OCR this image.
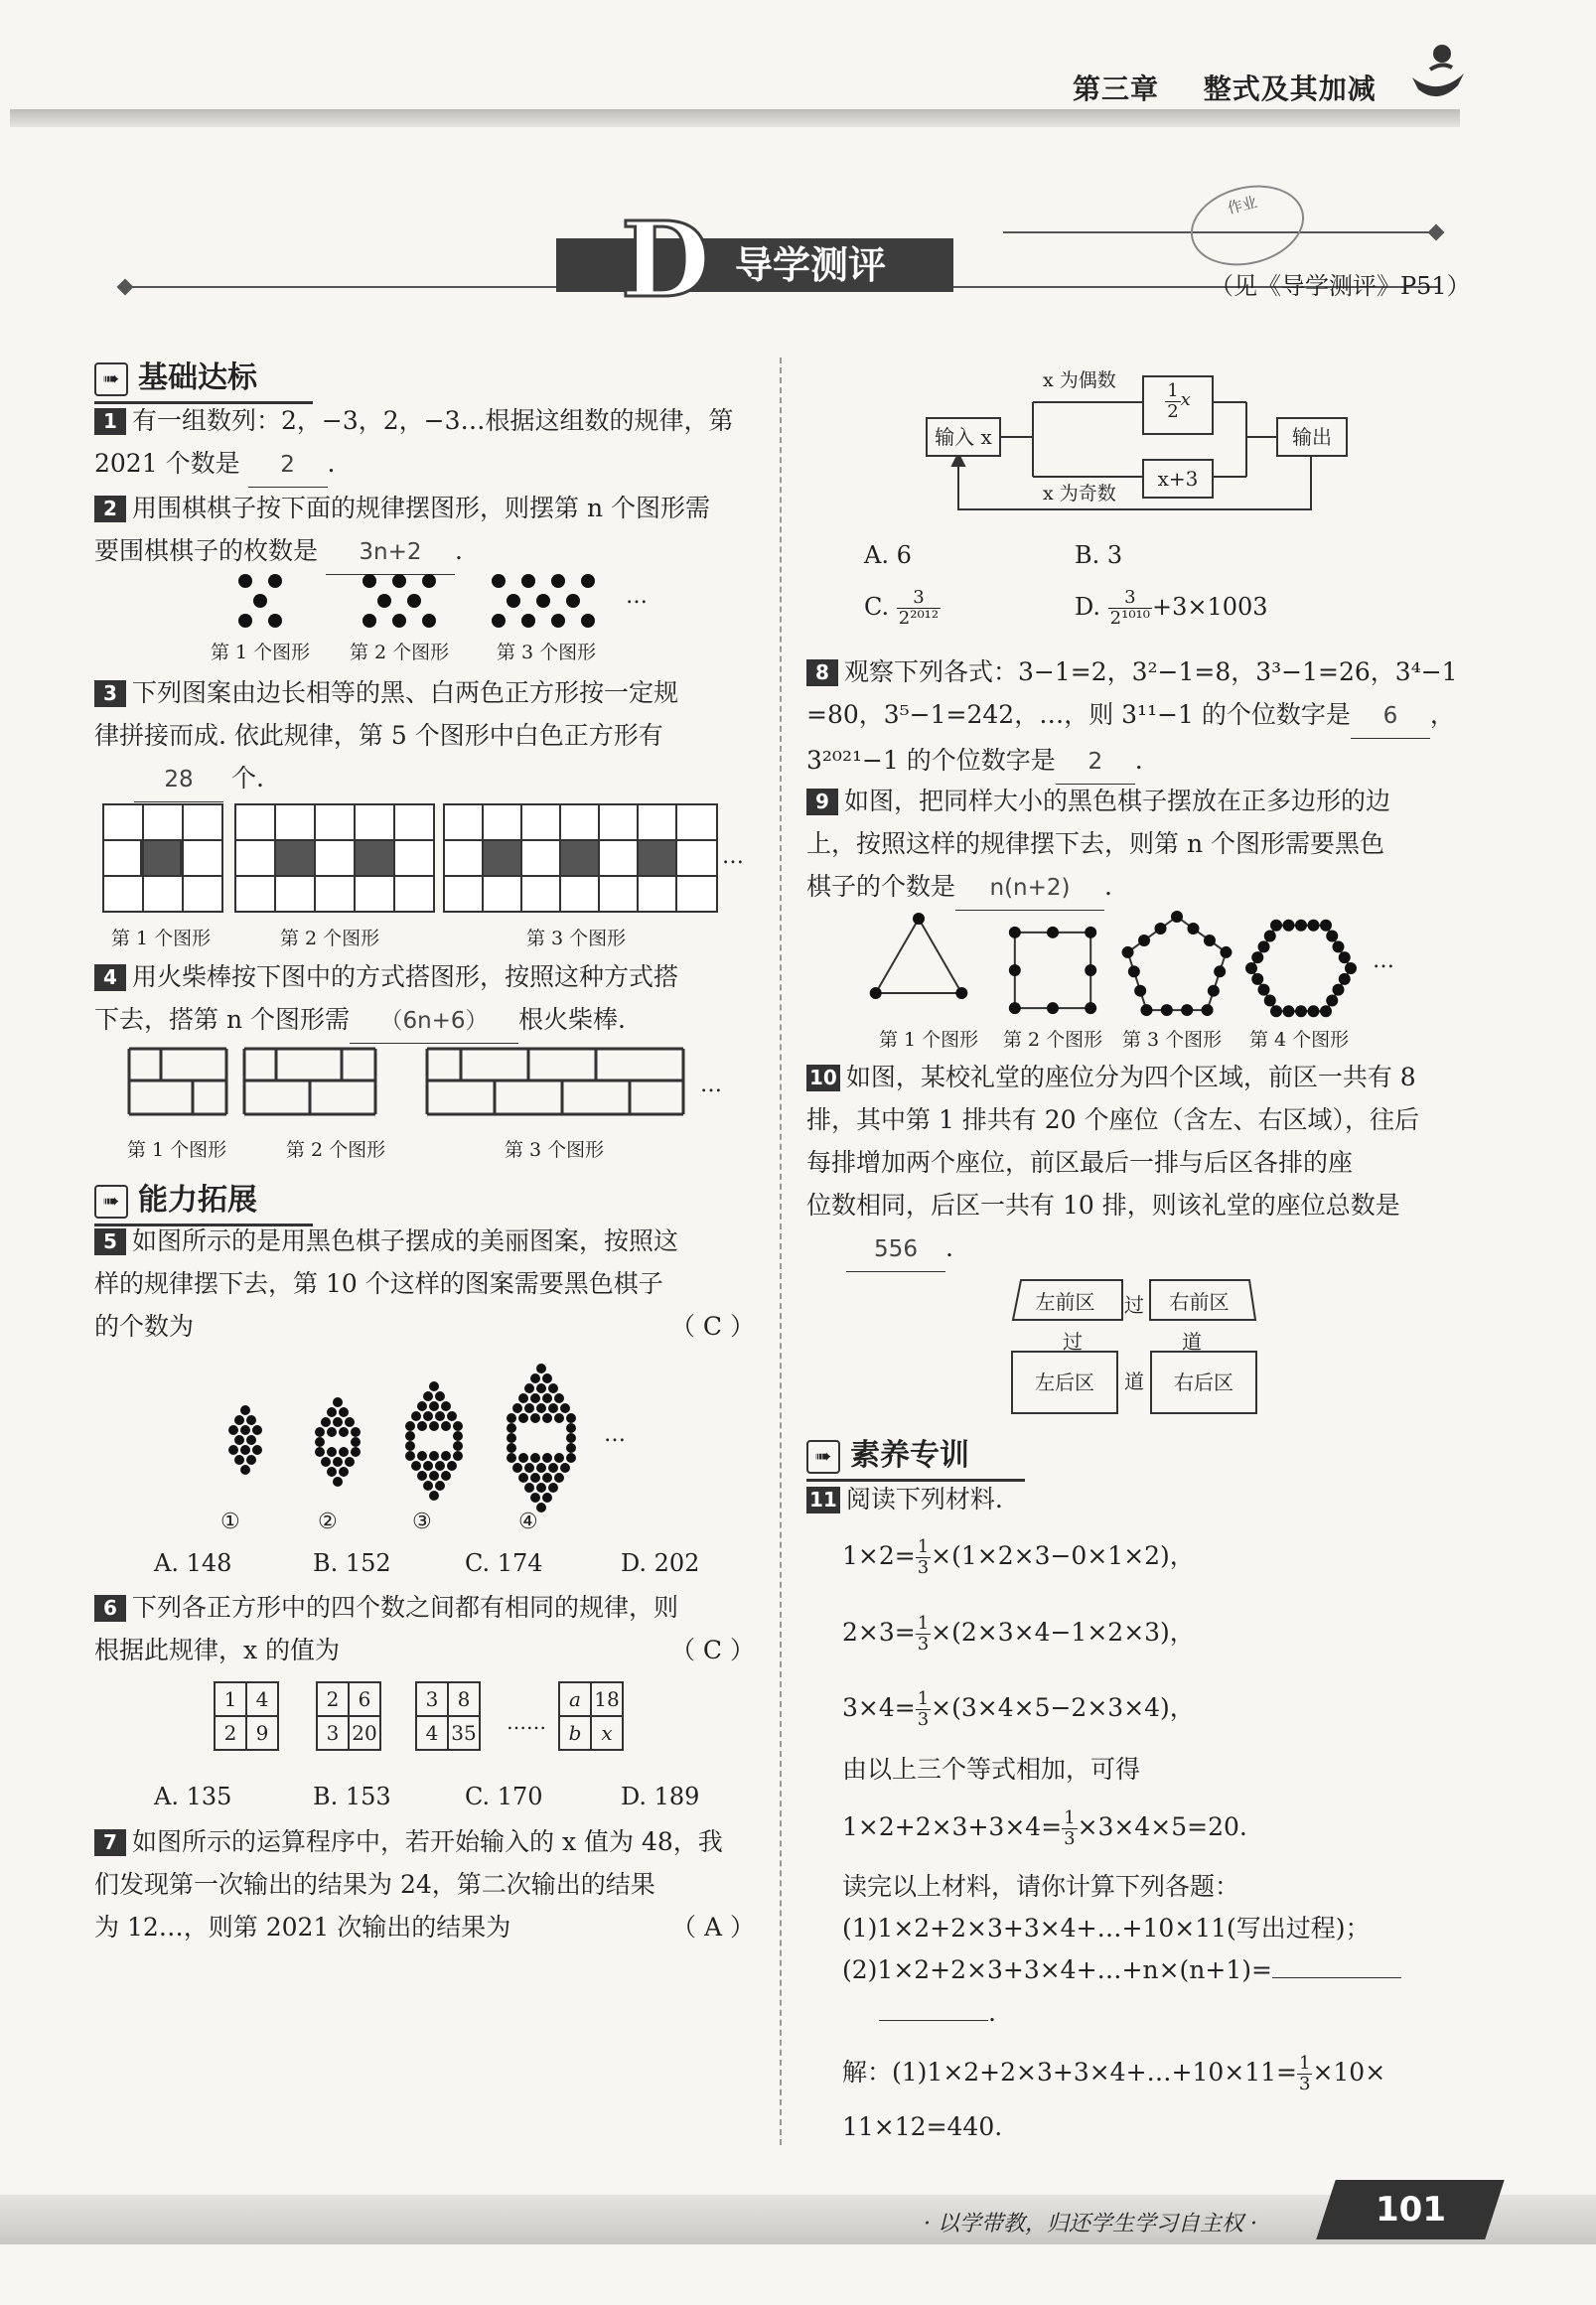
第三章 整式及其加减
导学测评
D	作业
（见《导学测评》P51）
➠ 基础达标
1 有一组数列：2，−3，2，−3…根据这组数的规律，第
2021 个数是 2 .
2 用围棋棋子按下面的规律摆图形，则摆第 n 个图形需
要围棋棋子的枚数是 3n+2 .
…
第 1 个图形 第 2 个图形	第 3 个图形
3 下列图案由边长相等的黑、白两色正方形按一定规
律拼接而成. 依此规律，第 5 个图形中白色正方形有
28 个.
…
第 1 个图形	第 2 个图形	第 3 个图形
4 用火柴棒按下图中的方式搭图形，按照这种方式搭
下去，搭第 n 个图形需 （6n+6） 根火柴棒.
…
第 1 个图形	第 2 个图形	第 3 个图形
➠ 能力拓展
5 如图所示的是用黑色棋子摆成的美丽图案，按照这
样的规律摆下去，第 10 个这样的图案需要黑色棋子
的个数为	（ C ）
…
①	②	③	④
A. 148	B. 152	C. 174	D. 202
6 下列各正方形中的四个数之间都有相同的规律，则
根据此规律，x 的值为	（ C ）
1	4
2	9
2	6
3	20
3	8
4	35 ……
a	18
b	x
A. 135	B. 153	C. 170	D. 189
7 如图所示的运算程序中，若开始输入的 x 值为 48，我
们发现第一次输出的结果为 24，第二次输出的结果
为 12…，则第 2021 次输出的结果为	（ A ）
输入 x
x 为偶数
$\frac{1}{2}$ x
x 为奇数
x+3
输出
A. 6	B. 3
C. $\frac{3}{\text{2²⁰¹²}}$	D. $\frac{3}{\text{2¹⁰¹⁰}} +3\times 1003$
8 观察下列各式：3−1=2，3²−1=8，3³−1=26，3⁴−1
=80，3⁵−1=242，…，则 3¹¹−1 的个位数字是 6 ，
3²⁰²¹−1 的个位数字是 2 .
9 如图，把同样大小的黑色棋子摆放在正多边形的边
上，按照这样的规律摆下去，则第 n 个图形需要黑色
棋子的个数是 n(n+2) .
…
第 1 个图形 第 2 个图形 第 3 个图形 第 4 个图形
10 如图，某校礼堂的座位分为四个区域，前区一共有 8
排，其中第 1 排共有 20 个座位（含左、右区域），往后
每排增加两个座位，前区最后一排与后区各排的座
位数相同，后区一共有 10 排，则该礼堂的座位总数是
556 .
左前区	右前区
过
过	道
左后区	道	右后区
➠ 素养专训
11 阅读下列材料.
$1\times 2= \frac{1}{3} \times(1\times 2\times 3-0\times 1\times 2)$，
$2\times 3= \frac{1}{3} \times(2\times 3\times 4-1\times 2\times 3)$，
$3\times 4= \frac{1}{3} \times(3\times 4\times 5-2\times 3\times 4)$，
由以上三个等式相加，可得
$1\times 2+2\times 3+3\times 4= \frac{1}{3} \times 3\times 4\times 5=20$.
读完以上材料，请你计算下列各题：
(1)1×2+2×3+3×4+…+10×11(写出过程)；
(2)1×2+2×3+3×4+…+n×(n+1)=
.
解：(1)1×2+2×3+3×4+…+10×11= $\frac{1}{3} \times 10\times$
11×12=440.
· 以学带教，归还学生学习自主权 ·	101
